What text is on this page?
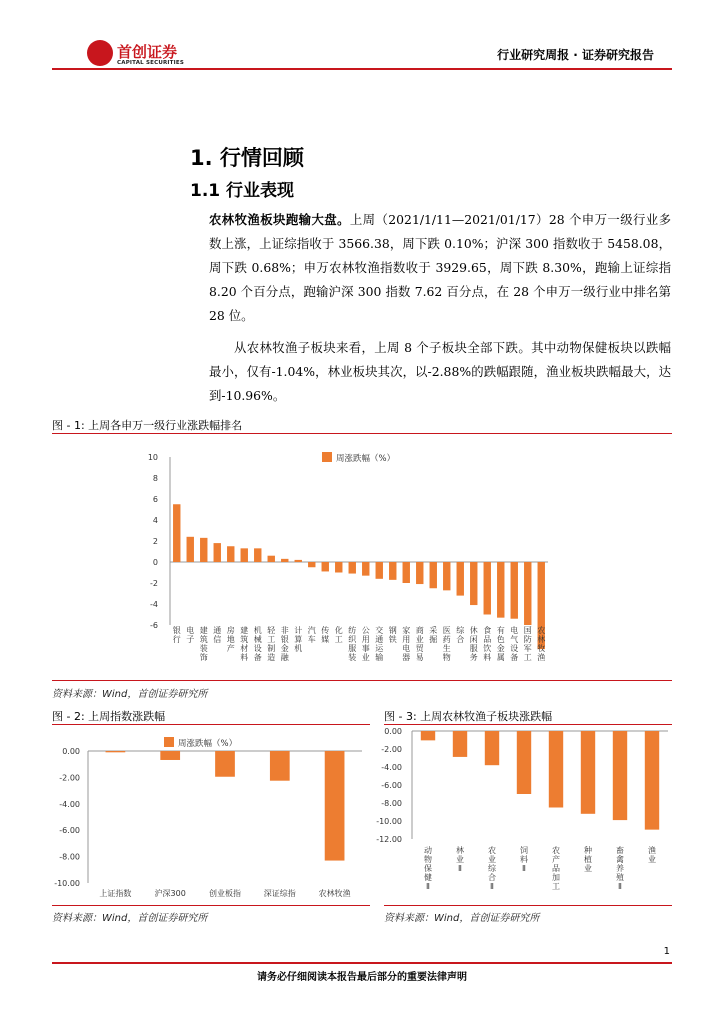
首创证券
CAPITAL SECURITIES
行业研究周报 · 证券研究报告
1. 行情回顾
1.1 行业表现

农林牧渔板块跑输大盘。上周（2021/1/11—2021/01/17）28 个申万一级行业多数上涨，上证综指收于 3566.38，周下跌 0.10%；沪深 300 指数收于 5458.08，周下跌 0.68%；申万农林牧渔指数收于 3929.65，周下跌 8.30%，跑输上证综指 8.20 个百分点，跑输沪深 300 指数 7.62 百分点，在 28 个申万一级行业中排名第 28 位。

从农林牧渔子板块来看，上周 8 个子板块全部下跌。其中动物保健板块以跌幅最小，仅有-1.04%，林业板块其次，以-2.88%的跌幅跟随，渔业板块跌幅最大，达到-10.96%。

图 - 1: 上周各申万一级行业涨跌幅排名
10
8
6
4
2
0
-2
-4
-6
银行
电子
建筑装饰
通信
房地产
建筑材料
机械设备
轻工制造
非银金融
计算机
汽车
传媒
化工
纺织服装
公用事业
交通运输
钢铁
家用电器
商业贸易
采掘
医药生物
综合
休闲服务
食品饮料
有色金属
电气设备
国防军工
农林牧渔
周涨跌幅（%）
资料来源：Wind，首创证券研究所
图 - 2: 上周指数涨跌幅
0.00
-2.00
-4.00
-6.00
-8.00
-10.00
上证指数	沪深300	创业板指	深证综指	农林牧渔
周涨跌幅（%）
资料来源：Wind，首创证券研究所
图 - 3: 上周农林牧渔子板块涨跌幅
0.00
-2.00
-4.00
-6.00
-8.00
-10.00
-12.00
动物保健 Ⅱ
林业 Ⅱ
农业综合 Ⅱ
饲料 Ⅱ
农产品加工
种植业
畜禽养殖 Ⅱ
渔业
资料来源：Wind，首创证券研究所
1
请务必仔细阅读本报告最后部分的重要法律声明
